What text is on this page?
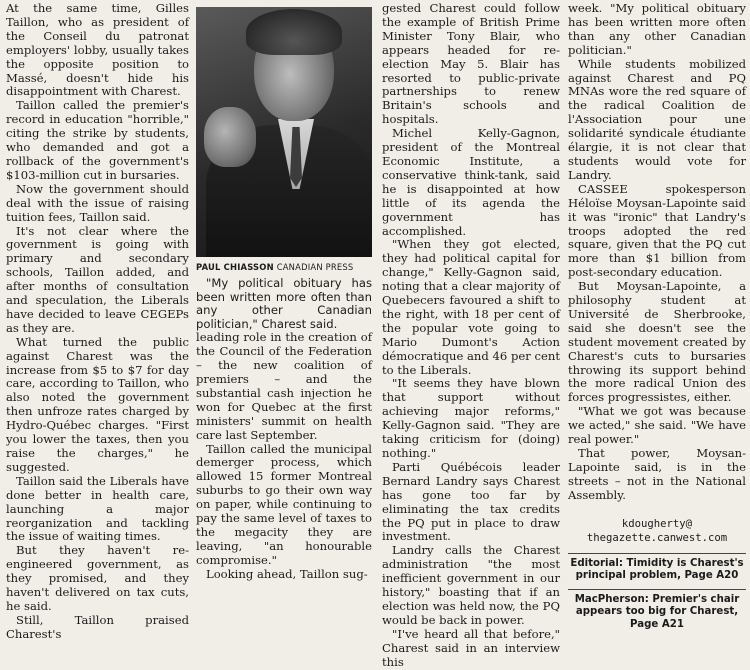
At the same time, Gilles Taillon, who as president of the Conseil du patronat employers' lobby, usually takes the opposite position to Massé, doesn't hide his disappointment with Charest.

Taillon called the premier's record in education "horrible," citing the strike by students, who demanded and got a rollback of the government's $103-million cut in bursaries.

Now the government should deal with the issue of raising tuition fees, Taillon said.

It's not clear where the government is going with primary and secondary schools, Taillon added, and after months of consultation and speculation, the Liberals have decided to leave CEGEPs as they are.

What turned the public against Charest was the increase from $5 to $7 for day care, according to Taillon, who also noted the government then unfroze rates charged by Hydro-Québec charges. "First you lower the taxes, then you raise the charges," he suggested.

Taillon said the Liberals have done better in health care, launching a major reorganization and tackling the issue of waiting times.

But they haven't re-engineered government, as they promised, and they haven't delivered on tax cuts, he said.

Still, Taillon praised Charest's

PAUL CHIASSON CANADIAN PRESS

"My political obituary has been written more often than any other Canadian politician," Charest said.

leading role in the creation of the Council of the Federation – the new coalition of premiers – and the substantial cash injection he won for Quebec at the first ministers' summit on health care last September.

Taillon called the municipal demerger process, which allowed 15 former Montreal suburbs to go their own way on paper, while continuing to pay the same level of taxes to the megacity they are leaving, "an honourable compromise."

Looking ahead, Taillon sug-

gested Charest could follow the example of British Prime Minister Tony Blair, who appears headed for re-election May 5. Blair has resorted to public-private partnerships to renew Britain's schools and hospitals.

Michel Kelly-Gagnon, president of the Montreal Economic Institute, a conservative think-tank, said he is disappointed at how little of its agenda the government has accomplished.

"When they got elected, they had political capital for change," Kelly-Gagnon said, noting that a clear majority of Quebecers favoured a shift to the right, with 18 per cent of the popular vote going to Mario Dumont's Action démocratique and 46 per cent to the Liberals.

"It seems they have blown that support without achieving major reforms," Kelly-Gagnon said. "They are taking criticism for (doing) nothing."

Parti Québécois leader Bernard Landry says Charest has gone too far by eliminating the tax credits the PQ put in place to draw investment.

Landry calls the Charest administration "the most inefficient government in our history," boasting that if an election was held now, the PQ would be back in power.

"I've heard all that before," Charest said in an interview this

week. "My political obituary has been written more often than any other Canadian politician."

While students mobilized against Charest and PQ MNAs wore the red square of the radical Coalition de l'Association pour une solidarité syndicale étudiante élargie, it is not clear that students would vote for Landry.

CASSEE spokesperson Héloïse Moysan-Lapointe said it was "ironic" that Landry's troops adopted the red square, given that the PQ cut more than $1 billion from post-secondary education.

But Moysan-Lapointe, a philosophy student at Université de Sherbrooke, said she doesn't see the student movement created by Charest's cuts to bursaries throwing its support behind the more radical Union des forces progressistes, either.

"What we got was because we acted," she said. "We have real power."

That power, Moysan-Lapointe said, is in the streets – not in the National Assembly.

kdougherty@
thegazette.canwest.com
Editorial: Timidity is Charest's principal problem, Page A20
MacPherson: Premier's chair appears too big for Charest, Page A21
